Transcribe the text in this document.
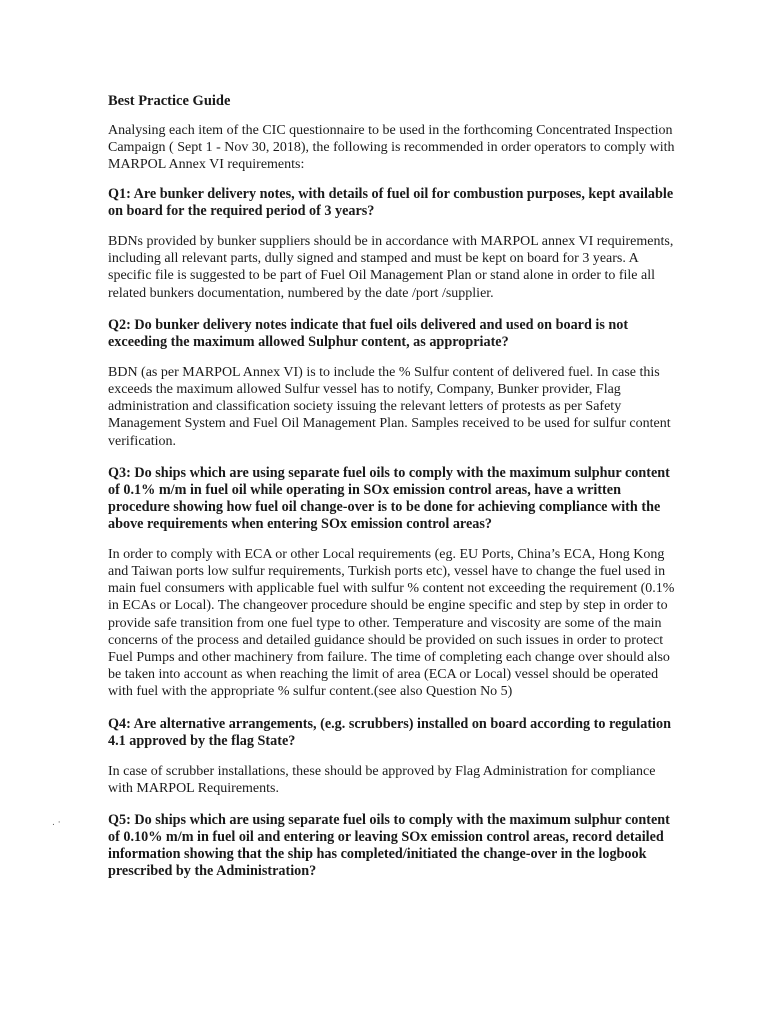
Best Practice Guide
Analysing each item of the CIC questionnaire to be used in the forthcoming Concentrated Inspection Campaign ( Sept 1 - Nov 30, 2018), the following is recommended in order operators to comply with MARPOL Annex VI requirements:
Q1: Are bunker delivery notes, with details of fuel oil for combustion purposes, kept available on board for the required period of 3 years?
BDNs provided by bunker suppliers should be in accordance with MARPOL annex VI requirements, including all relevant parts, dully signed and stamped and must be kept on board for 3 years. A specific file is suggested to be part of Fuel Oil Management Plan or stand alone in order to file all related bunkers documentation, numbered by the date /port /supplier.
Q2: Do bunker delivery notes indicate that fuel oils delivered and used on board is not exceeding the maximum allowed Sulphur content, as appropriate?
BDN (as per MARPOL Annex VI) is to include the % Sulfur content of delivered fuel. In case this exceeds the maximum allowed Sulfur vessel has to notify, Company, Bunker provider, Flag administration and classification society issuing the relevant letters of protests as per Safety Management System and Fuel Oil Management Plan. Samples received to be used for sulfur content verification.
Q3: Do ships which are using separate fuel oils to comply with the maximum sulphur content of 0.1% m/m in fuel oil while operating in SOx emission control areas, have a written procedure showing how fuel oil change-over is to be done for achieving compliance with the above requirements when entering SOx emission control areas?
In order to comply with ECA or other Local requirements (eg. EU Ports, China’s ECA, Hong Kong and Taiwan ports low sulfur requirements, Turkish ports etc), vessel have to change the fuel used in main fuel consumers with applicable fuel with sulfur % content not exceeding the requirement (0.1% in ECAs or Local). The changeover procedure should be engine specific and step by step in order to provide safe transition from one fuel type to other. Temperature and viscosity are some of the main concerns of the process and detailed guidance should be provided on such issues in order to protect Fuel Pumps and other machinery from failure. The time of completing each change over should also be taken into account as when reaching the limit of area (ECA or Local) vessel should be operated with fuel with the appropriate % sulfur content.(see also Question No 5)
Q4: Are alternative arrangements, (e.g. scrubbers) installed on board according to regulation 4.1 approved by the flag State?
In case of scrubber installations, these should be approved by Flag Administration for compliance with MARPOL Requirements.
Q5: Do ships which are using separate fuel oils to comply with the maximum sulphur content of 0.10% m/m in fuel oil and entering or leaving SOx emission control areas, record detailed information showing that the ship has completed/initiated the change-over in the logbook prescribed by the Administration?
. ·
